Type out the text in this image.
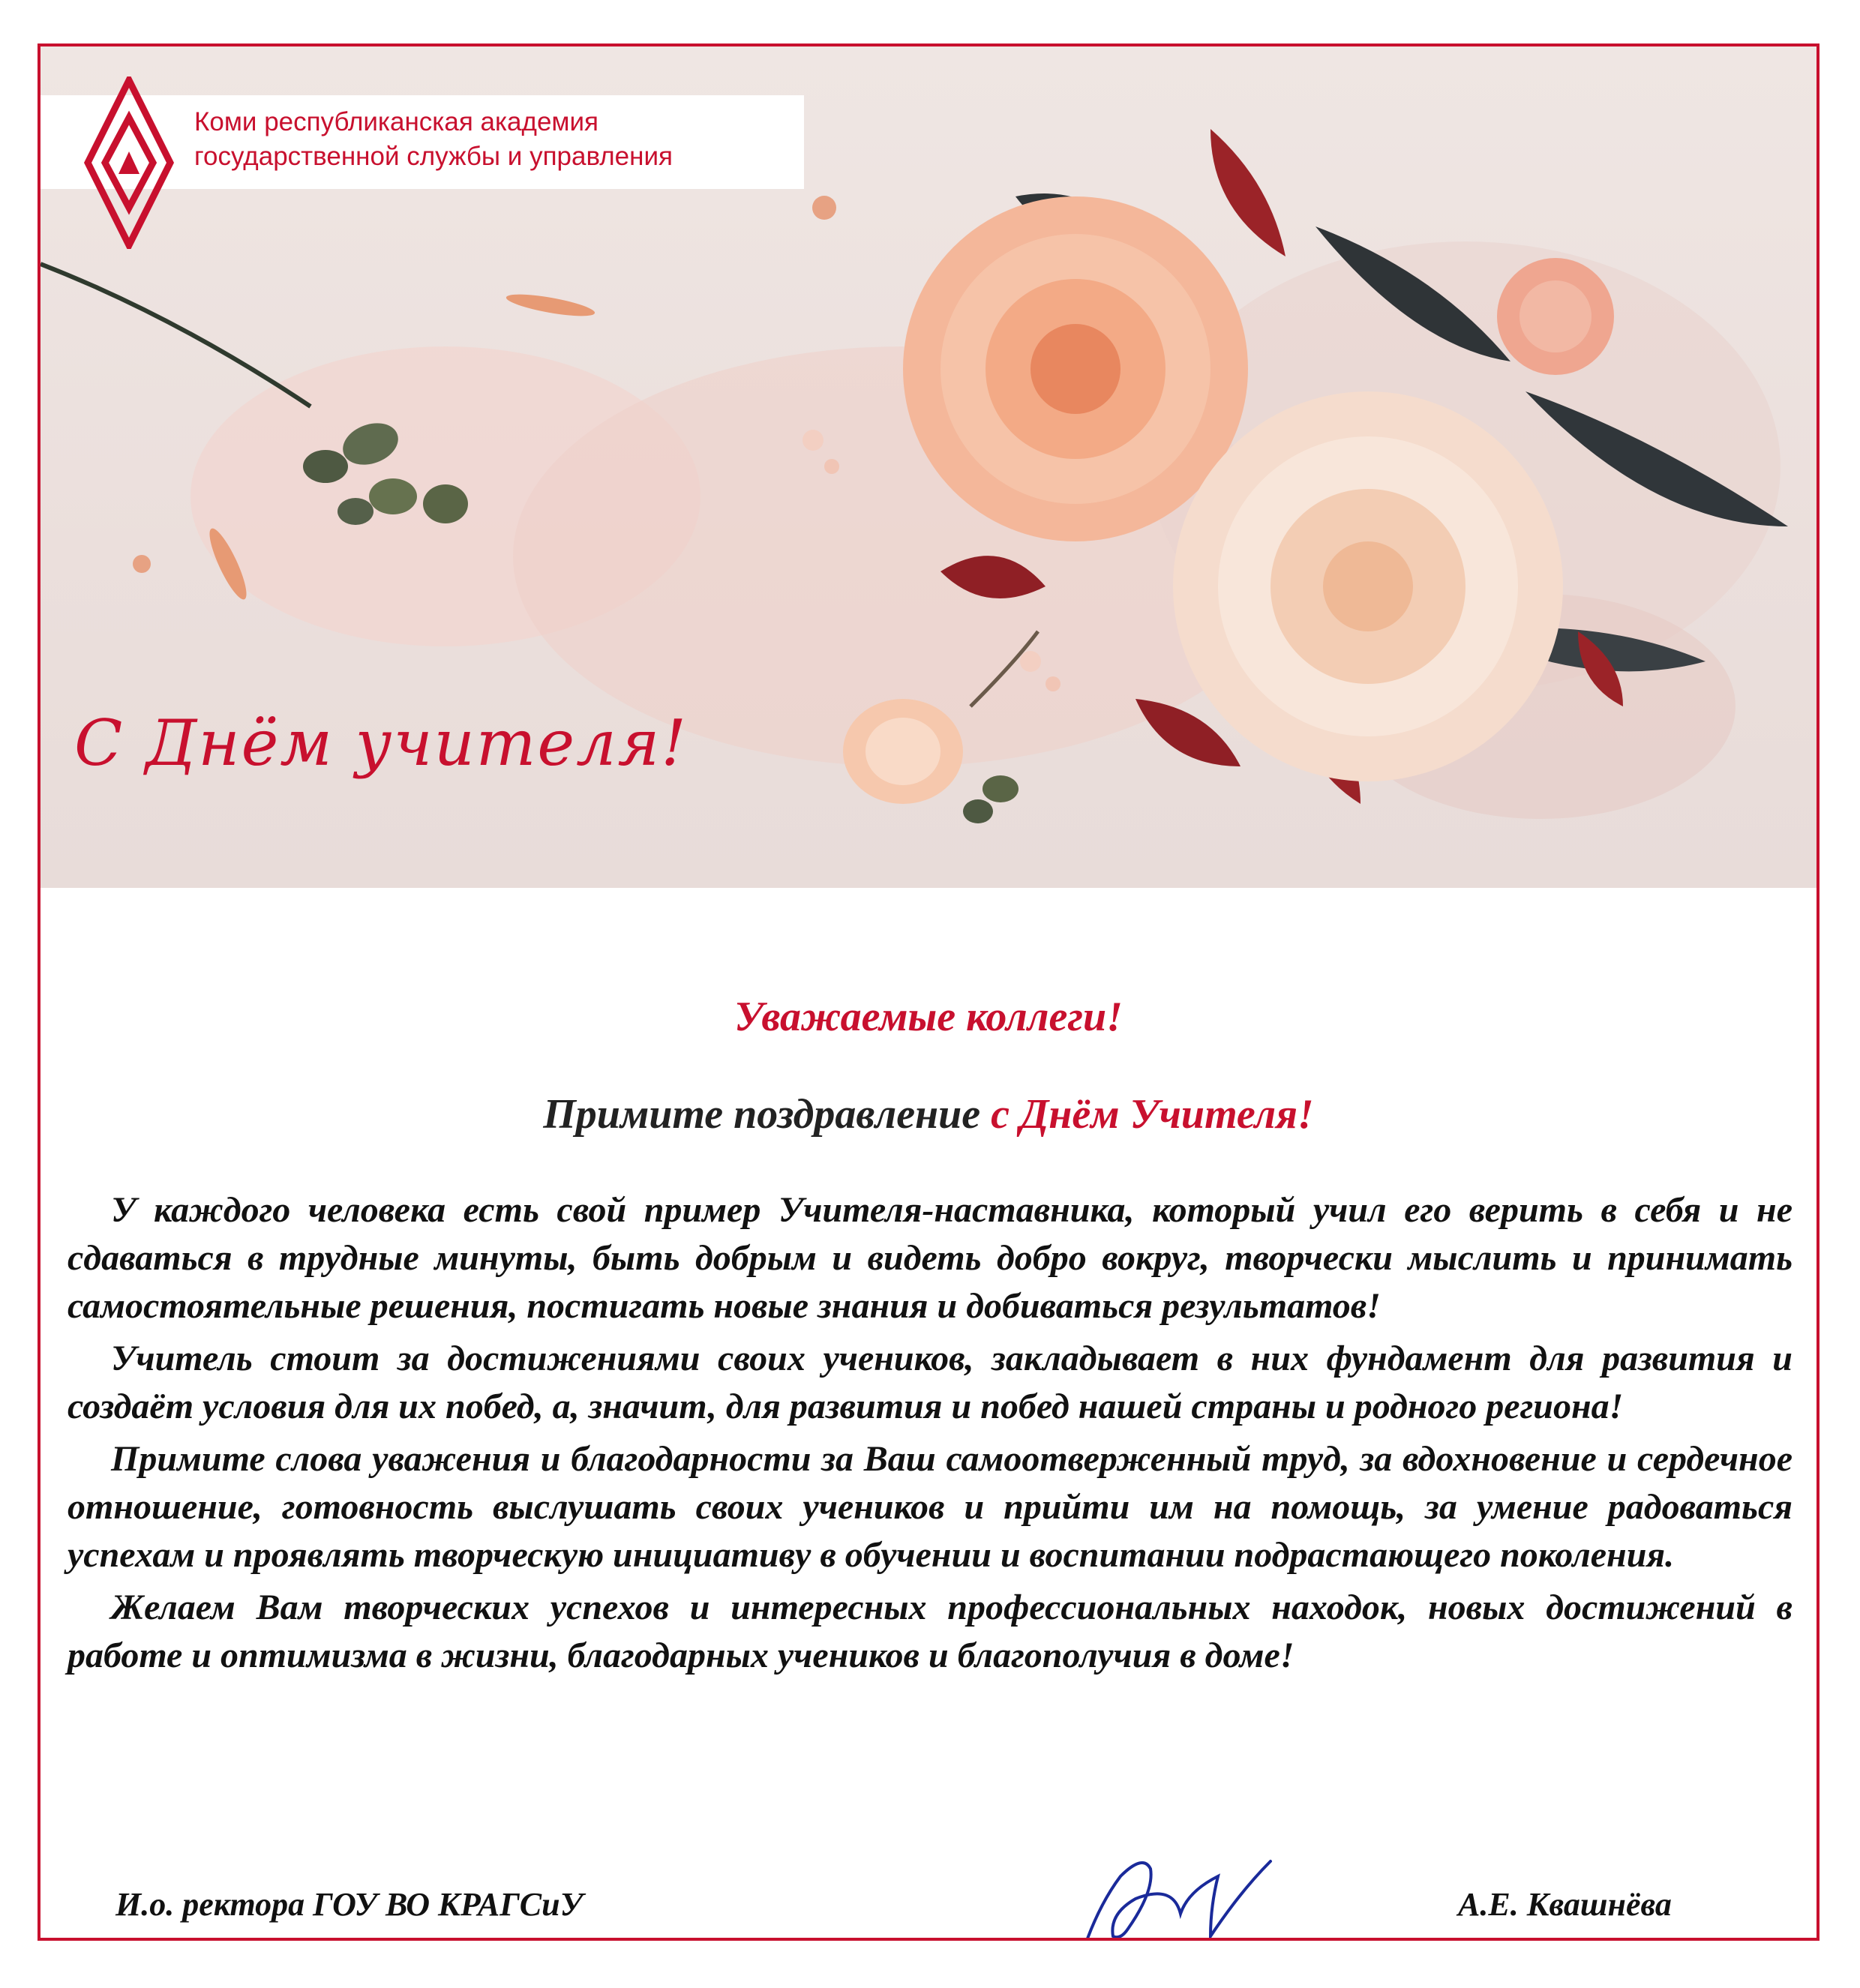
Коми республиканская академия
государственной службы и управления
С Днём учителя!
Уважаемые коллеги!
Примите поздравление с Днём Учителя!

У каждого человека есть свой пример Учителя-наставника, который учил его верить в себя и не сдаваться в трудные минуты, быть добрым и видеть добро вокруг, творчески мыслить и принимать самостоятельные решения, постигать новые знания и добиваться результатов!

Учитель стоит за достижениями своих учеников, закладывает в них фундамент для развития и создаёт условия для их побед, а, значит, для развития и побед нашей страны и родного региона!

Примите слова уважения и благодарности за Ваш самоотверженный труд, за вдохновение и сердечное отношение, готовность выслушать своих учеников и прийти им на помощь, за умение радоваться успехам и проявлять творческую инициативу в обучении и воспитании подрастающего поколения.

Желаем Вам творческих успехов и интересных профессиональных находок, новых достижений в работе и оптимизма в жизни, благодарных учеников и благополучия в доме!

И.о. ректора ГОУ ВО КРАГСиУ	А.Е. Квашнёва
